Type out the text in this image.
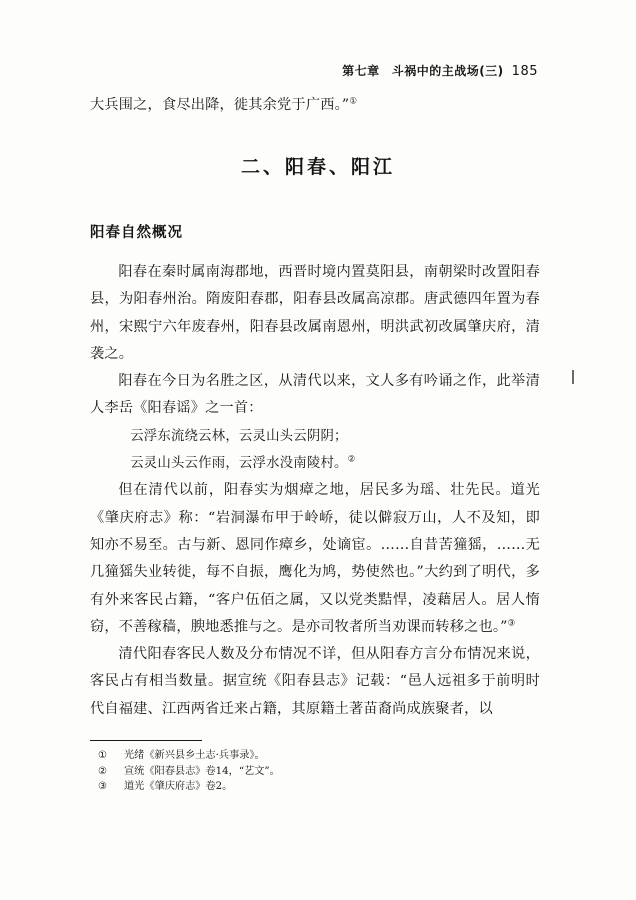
第七章 斗祸中的主战场(三) 185
大兵围之，食尽出降，徙其余党于广西。”①
二、阳春、阳江
阳春自然概况

阳春在秦时属南海郡地，西晋时境内置莫阳县，南朝梁时改置阳春县，为阳春州治。隋废阳春郡，阳春县改属高凉郡。唐武德四年置为春州，宋熙宁六年废春州，阳春县改属南恩州，明洪武初改属肇庆府，清袭之。

阳春在今日为名胜之区，从清代以来，文人多有吟诵之作，此举清人李岳《阳春谣》之一首：

云浮东流绕云林，云灵山头云阴阴；

云灵山头云作雨，云浮水没南陵村。②

但在清代以前，阳春实为烟瘴之地，居民多为瑶、壮先民。道光《肇庆府志》称：“岩洞瀑布甲于岭峤，徒以僻寂万山，人不及知，即知亦不易至。古与新、恩同作瘴乡，处谪宦。……自昔苦獞猺，……无几獞猺失业转徙，每不自振，鹰化为鸠，势使然也。”大约到了明代，多有外来客民占籍，“客户伍佰之属，又以党类黠悍，凌藉居人。居人惰窃，不善稼穑，腴地悉推与之。是亦司牧者所当劝课而转移之也。”③

清代阳春客民人数及分布情况不详，但从阳春方言分布情况来说，客民占有相当数量。据宣统《阳春县志》记载：“邑人远祖多于前明时代自福建、江西两省迁来占籍，其原籍土著苗裔尚成族聚者，以

① 光绪《新兴县乡土志·兵事录》。
② 宣统《阳春县志》卷14，“艺文”。
③ 道光《肇庆府志》卷2。
